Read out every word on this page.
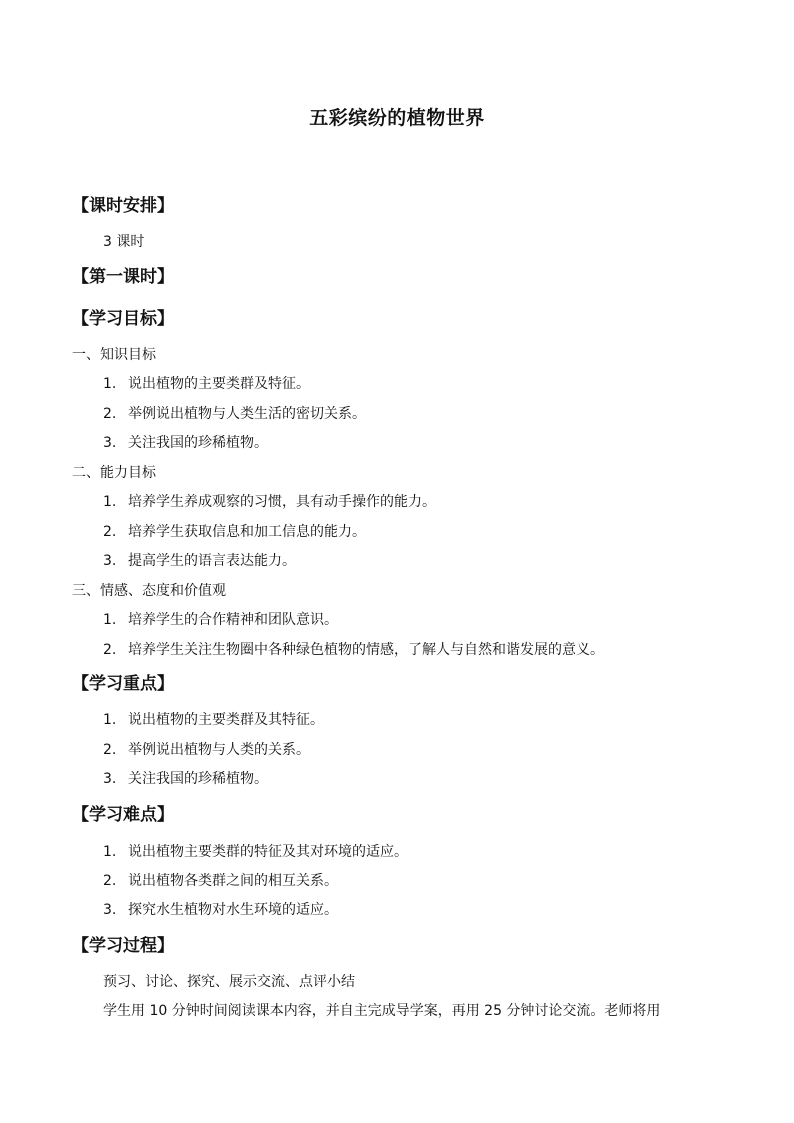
五彩缤纷的植物世界
【课时安排】
3 课时
【第一课时】
【学习目标】
一、知识目标
1. 说出植物的主要类群及特征。
2. 举例说出植物与人类生活的密切关系。
3. 关注我国的珍稀植物。
二、能力目标
1. 培养学生养成观察的习惯，具有动手操作的能力。
2. 培养学生获取信息和加工信息的能力。
3. 提高学生的语言表达能力。
三、情感、态度和价值观
1. 培养学生的合作精神和团队意识。
2. 培养学生关注生物圈中各种绿色植物的情感，了解人与自然和谐发展的意义。
【学习重点】
1. 说出植物的主要类群及其特征。
2. 举例说出植物与人类的关系。
3. 关注我国的珍稀植物。
【学习难点】
1. 说出植物主要类群的特征及其对环境的适应。
2. 说出植物各类群之间的相互关系。
3. 探究水生植物对水生环境的适应。
【学习过程】
预习、讨论、探究、展示交流、点评小结
学生用 10 分钟时间阅读课本内容，并自主完成导学案，再用 25 分钟讨论交流。老师将用
